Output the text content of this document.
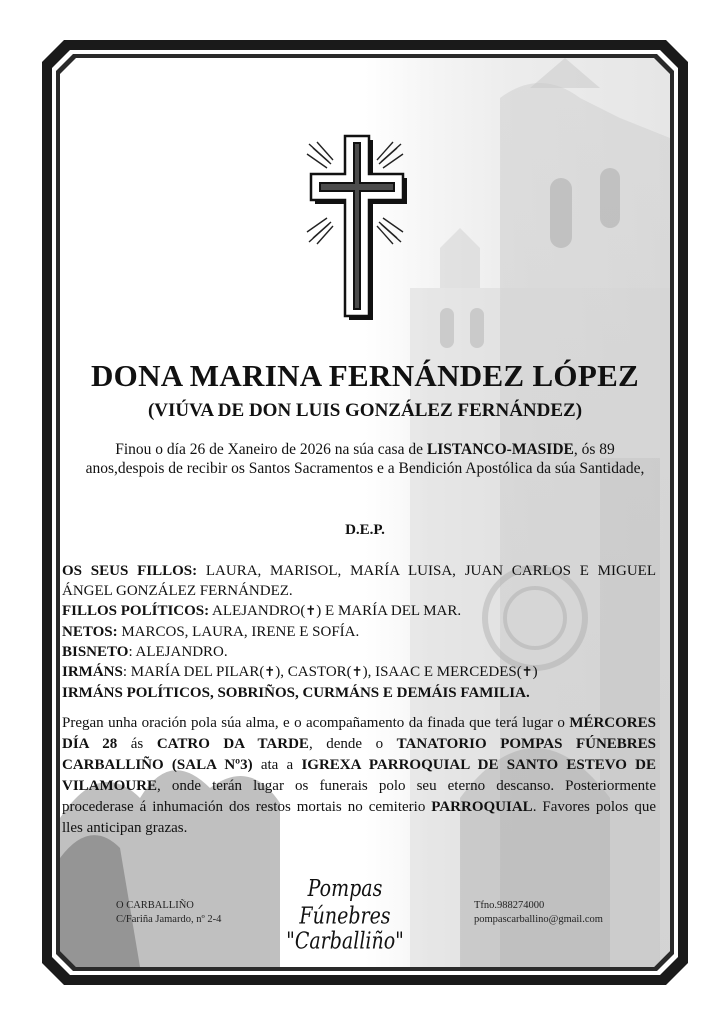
DONA MARINA FERNÁNDEZ LÓPEZ
(VIÚVA DE DON LUIS GONZÁLEZ FERNÁNDEZ)
Finou o día 26 de Xaneiro de 2026 na súa casa de LISTANCO-MASIDE, ós 89 anos,despois de recibir os Santos Sacramentos e a Bendición Apostólica da súa Santidade,
D.E.P.
OS SEUS FILLOS: LAURA, MARISOL, MARÍA LUISA, JUAN CARLOS E MIGUEL ÁNGEL GONZÁLEZ FERNÁNDEZ.
FILLOS POLÍTICOS: ALEJANDRO(✝) E MARÍA DEL MAR.
NETOS: MARCOS, LAURA, IRENE E SOFÍA.
BISNETO: ALEJANDRO.
IRMÁNS: MARÍA DEL PILAR(✝), CASTOR(✝), ISAAC E MERCEDES(✝)
IRMÁNS POLÍTICOS, SOBRIÑOS, CURMÁNS E DEMÁIS FAMILIA.
Pregan unha oración pola súa alma, e o acompañamento da finada que terá lugar o MÉRCORES DÍA 28 ás CATRO DA TARDE, dende o TANATORIO POMPAS FÚNEBRES CARBALLIÑO (SALA Nº3) ata a IGREXA PARROQUIAL DE SANTO ESTEVO DE VILAMOURE, onde terán lugar os funerais polo seu eterno descanso. Posteriormente procederase á inhumación dos restos mortais no cemiterio PARROQUIAL. Favores polos que lles anticipan grazas.
O CARBALLIÑO
C/Fariña Jamardo, nº 2-4
Pompas Fúnebres
"Carballiño"
Tfno.988274000
pompascarballino@gmail.com
